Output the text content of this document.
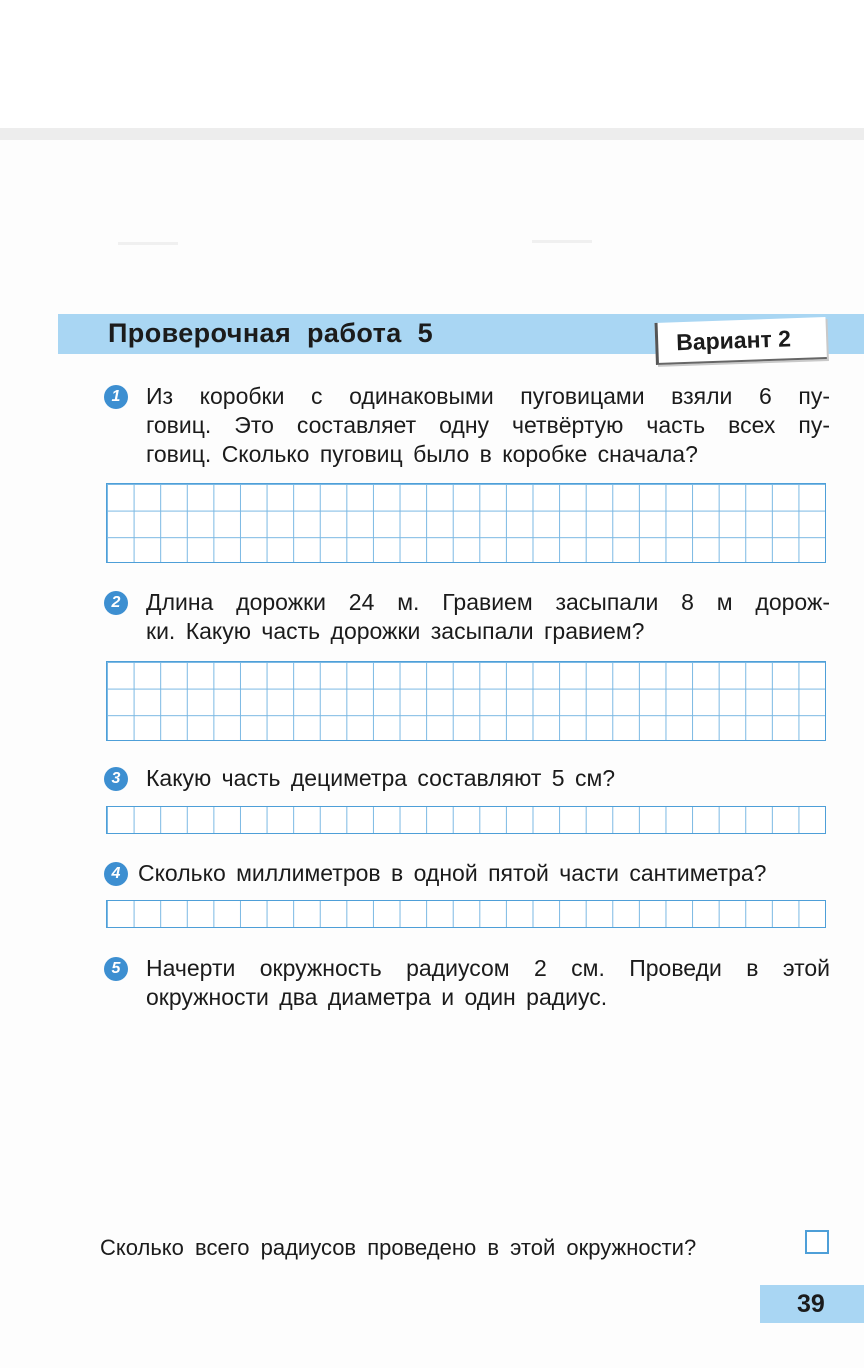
Проверочная работа 5	Вариант 2
1	Из коробки с одинаковыми пуговицами взяли 6 пу-
говиц. Это составляет одну четвёртую часть всех пу-
говиц. Сколько пуговиц было в коробке сначала?
2	Длина дорожки 24 м. Гравием засыпали 8 м дорож-
ки. Какую часть дорожки засыпали гравием?
3	Какую часть дециметра составляют 5 см?
4 Сколько миллиметров в одной пятой части сантиметра?
5	Начерти окружность радиусом 2 см. Проведи в этой
окружности два диаметра и один радиус.
Сколько всего радиусов проведено в этой окружности?
39
